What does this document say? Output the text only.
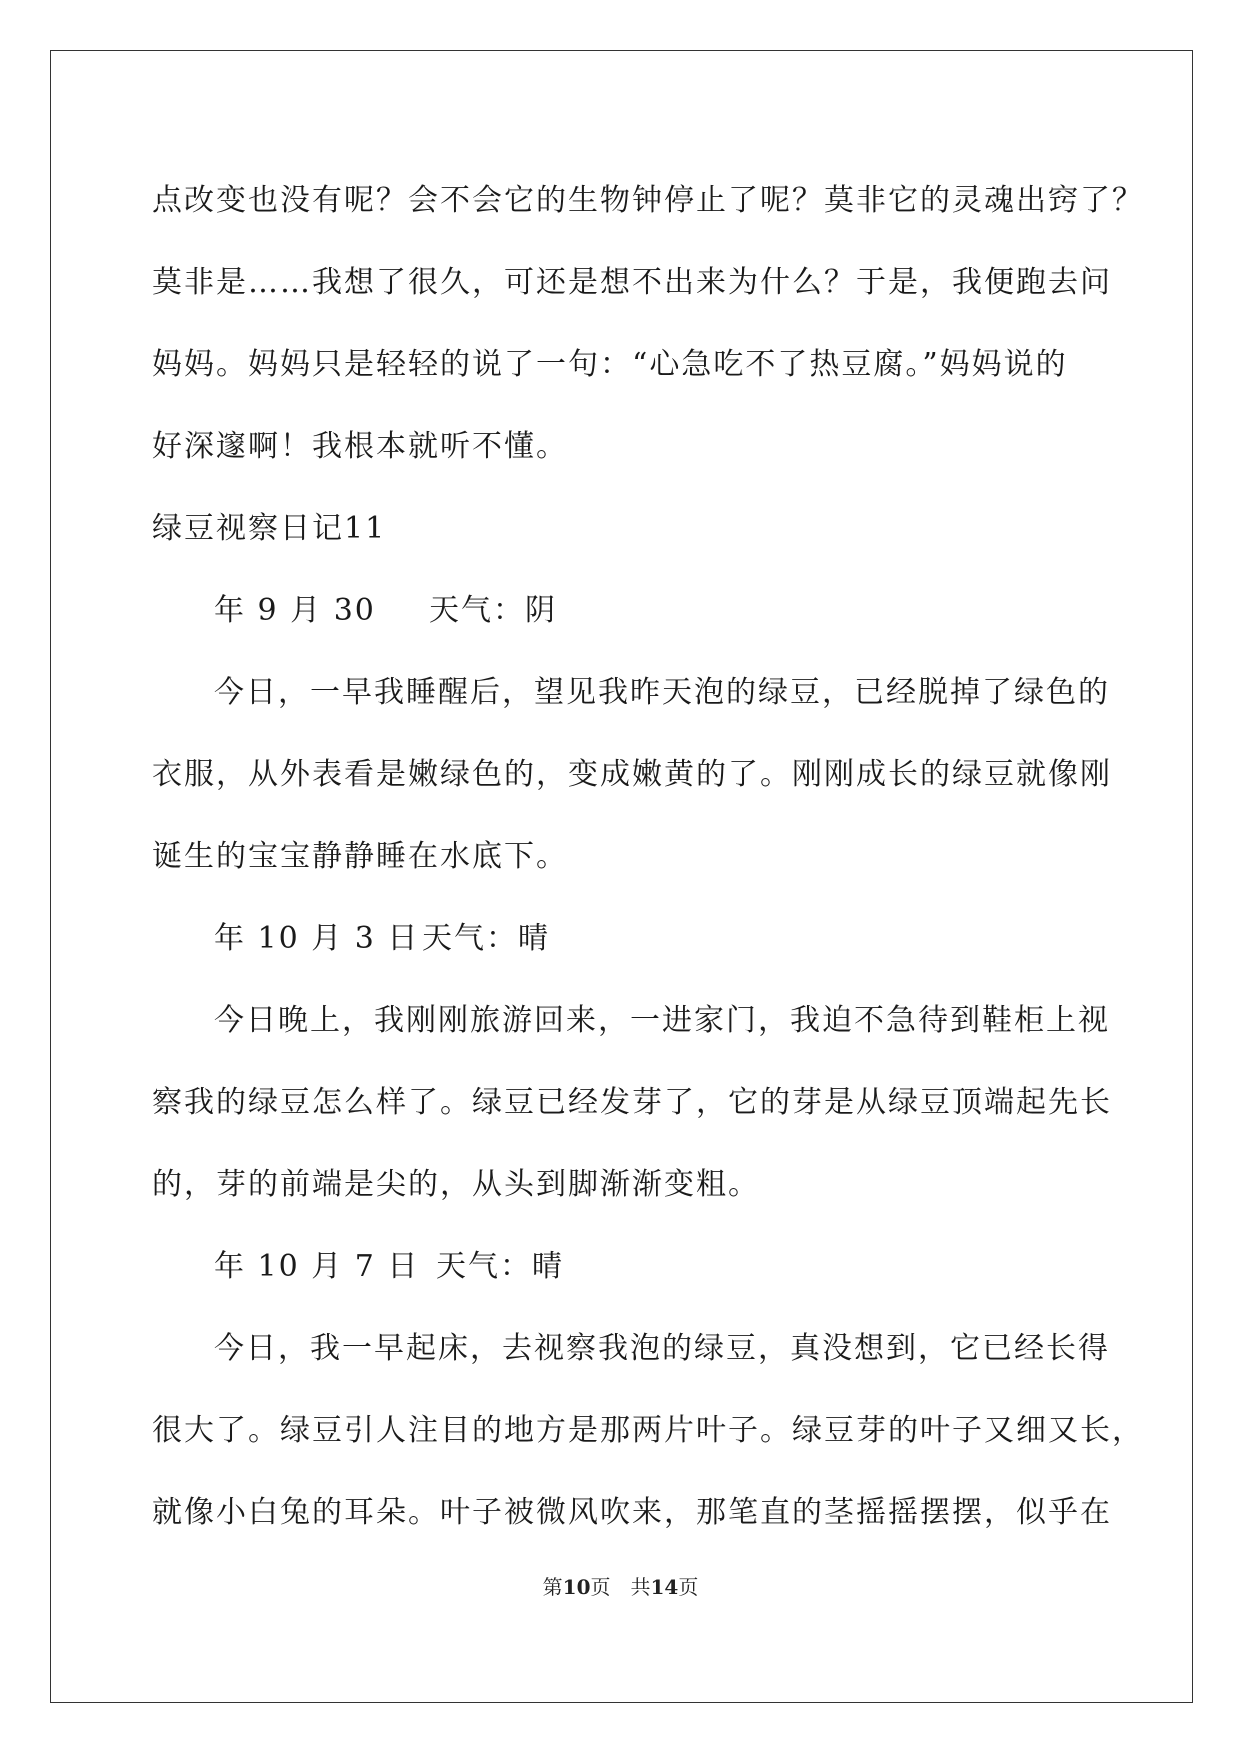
点改变也没有呢？会不会它的生物钟停止了呢？莫非它的灵魂出窍了？
莫非是……我想了很久，可还是想不出来为什么？于是，我便跑去问
妈妈。妈妈只是轻轻的说了一句：“心急吃不了热豆腐。”妈妈说的
好深邃啊！我根本就听不懂。
绿豆视察日记11
年 9 月 30 天气：阴
今日，一早我睡醒后，望见我昨天泡的绿豆，已经脱掉了绿色的
衣服，从外表看是嫩绿色的，变成嫩黄的了。刚刚成长的绿豆就像刚
诞生的宝宝静静睡在水底下。
年 10 月 3 日天气：晴
今日晚上，我刚刚旅游回来，一进家门，我迫不急待到鞋柜上视
察我的绿豆怎么样了。绿豆已经发芽了，它的芽是从绿豆顶端起先长
的，芽的前端是尖的，从头到脚渐渐变粗。
年 10 月 7 日 天气：晴
今日，我一早起床，去视察我泡的绿豆，真没想到，它已经长得
很大了。绿豆引人注目的地方是那两片叶子。绿豆芽的叶子又细又长，
就像小白兔的耳朵。叶子被微风吹来，那笔直的茎摇摇摆摆，似乎在
第10页　共14页
